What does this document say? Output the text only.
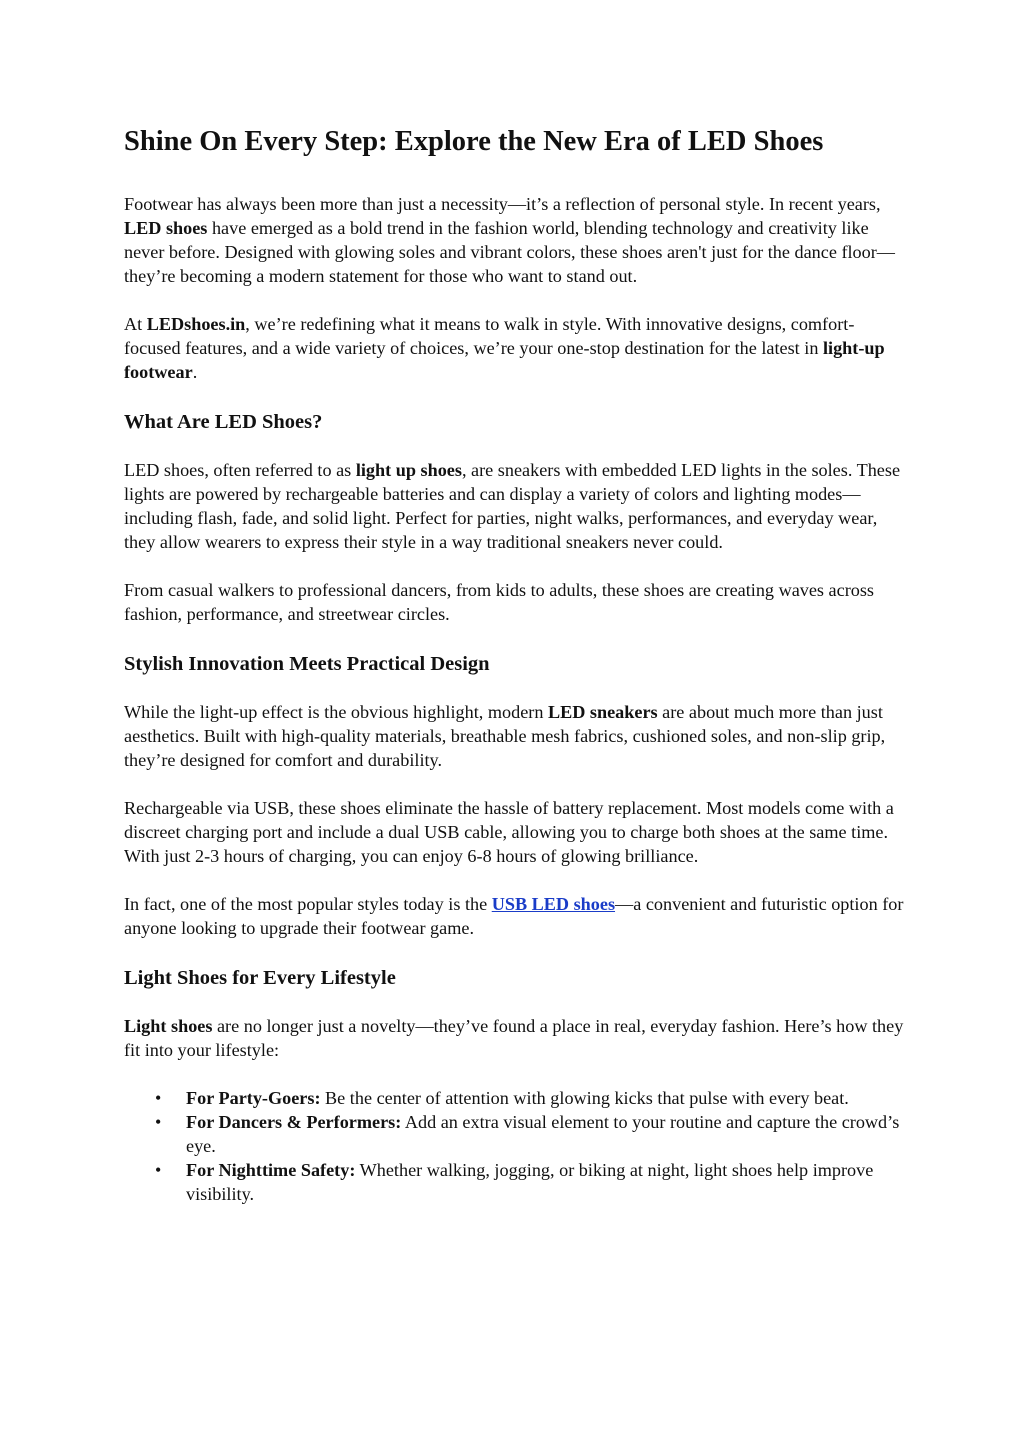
Shine On Every Step: Explore the New Era of LED Shoes

Footwear has always been more than just a necessity—it’s a reflection of personal style. In recent years, LED shoes have emerged as a bold trend in the fashion world, blending technology and creativity like never before. Designed with glowing soles and vibrant colors, these shoes aren't just for the dance floor—they’re becoming a modern statement for those who want to stand out.

At LEDshoes.in, we’re redefining what it means to walk in style. With innovative designs, comfort-focused features, and a wide variety of choices, we’re your one-stop destination for the latest in light-up footwear.

What Are LED Shoes?

LED shoes, often referred to as light up shoes, are sneakers with embedded LED lights in the soles. These lights are powered by rechargeable batteries and can display a variety of colors and lighting modes—including flash, fade, and solid light. Perfect for parties, night walks, performances, and everyday wear, they allow wearers to express their style in a way traditional sneakers never could.

From casual walkers to professional dancers, from kids to adults, these shoes are creating waves across fashion, performance, and streetwear circles.

Stylish Innovation Meets Practical Design

While the light-up effect is the obvious highlight, modern LED sneakers are about much more than just aesthetics. Built with high-quality materials, breathable mesh fabrics, cushioned soles, and non-slip grip, they’re designed for comfort and durability.

Rechargeable via USB, these shoes eliminate the hassle of battery replacement. Most models come with a discreet charging port and include a dual USB cable, allowing you to charge both shoes at the same time. With just 2-3 hours of charging, you can enjoy 6-8 hours of glowing brilliance.

In fact, one of the most popular styles today is the USB LED shoes—a convenient and futuristic option for anyone looking to upgrade their footwear game.

Light Shoes for Every Lifestyle

Light shoes are no longer just a novelty—they’ve found a place in real, everyday fashion. Here’s how they fit into your lifestyle:

• For Party-Goers: Be the center of attention with glowing kicks that pulse with every beat.
• For Dancers & Performers: Add an extra visual element to your routine and capture the crowd’s eye.
• For Nighttime Safety: Whether walking, jogging, or biking at night, light shoes help improve visibility.
